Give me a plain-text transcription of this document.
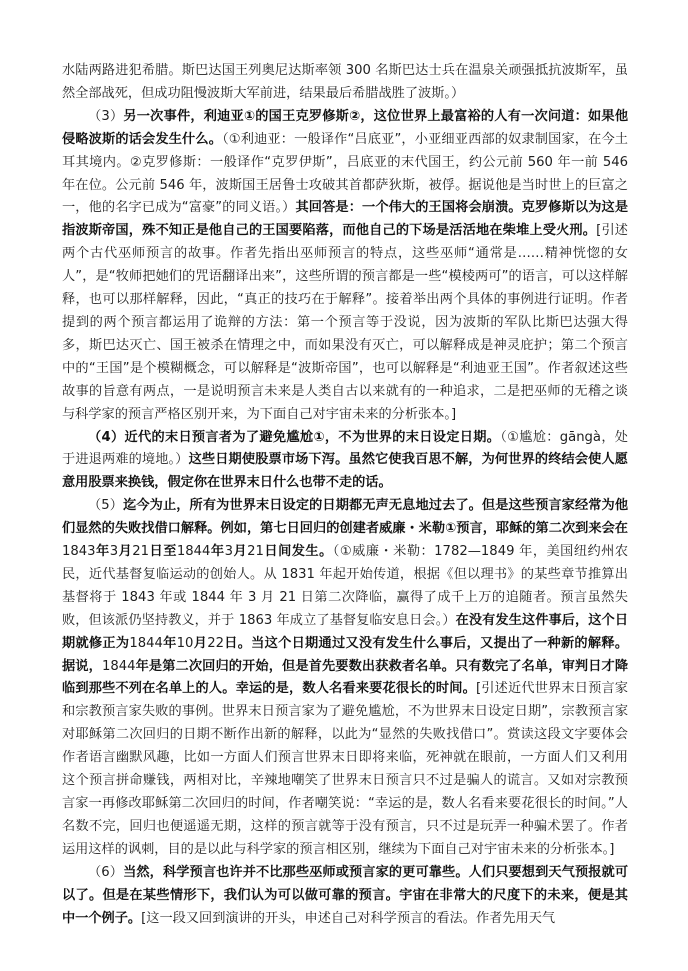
水陆两路进犯希腊。斯巴达国王列奥尼达斯率领 300 名斯巴达士兵在温泉关顽强抵抗波斯军，虽然全部战死，但成功阻慢波斯大军前进，结果最后希腊战胜了波斯。）

（3）另一次事件，利迪亚①的国王克罗修斯②，这位世界上最富裕的人有一次问道：如果他侵略波斯的话会发生什么。（①利迪亚：一般译作“吕底亚”，小亚细亚西部的奴隶制国家，在今土耳其境内。②克罗修斯：一般译作“克罗伊斯”，吕底亚的末代国王，约公元前 560 年一前 546 年在位。公元前 546 年，波斯国王居鲁士攻破其首都萨狄斯，被俘。据说他是当时世上的巨富之一，他的名字已成为“富豪”的同义语。）其回答是：一个伟大的王国将会崩溃。克罗修斯以为这是指波斯帝国，殊不知正是他自己的王国要陷落，而他自己的下场是活活地在柴堆上受火刑。[引述两个古代巫师预言的故事。作者先指出巫师预言的特点，这些巫师“通常是……精神恍惚的女人”，是“牧师把她们的咒语翻译出来”，这些所谓的预言都是一些“模棱两可”的语言，可以这样解释，也可以那样解释，因此，“真正的技巧在于解释”。接着举出两个具体的事例进行证明。作者提到的两个预言都运用了诡辩的方法：第一个预言等于没说，因为波斯的军队比斯巴达强大得多，斯巴达灭亡、国王被杀在情理之中，而如果没有灭亡，可以解释成是神灵庇护；第二个预言中的“王国”是个模糊概念，可以解释是“波斯帝国”，也可以解释是“利迪亚王国”。作者叙述这些故事的旨意有两点，一是说明预言未来是人类自古以来就有的一种追求，二是把巫师的无稽之谈与科学家的预言严格区别开来，为下面自己对宇宙未来的分析张本。]

（4）近代的末日预言者为了避免尴尬①，不为世界的末日设定日期。（①尴尬：gāngà，处于进退两难的境地。）这些日期使股票市场下泻。虽然它使我百思不解，为何世界的终结会使人愿意用股票来换钱，假定你在世界末日什么也带不走的话。

（5）迄今为止，所有为世界末日设定的日期都无声无息地过去了。但是这些预言家经常为他们显然的失败找借口解释。例如，第七日回归的创建者威廉・米勒①预言，耶稣的第二次到来会在1843年3月21日至1844年3月21日间发生。（①威廉・米勒：1782—1849 年，美国纽约州农民，近代基督复临运动的创始人。从 1831 年起开始传道，根据《但以理书》的某些章节推算出基督将于 1843 年或 1844 年 3 月 21 日第二次降临，赢得了成千上万的追随者。预言虽然失败，但该派仍坚持教义，并于 1863 年成立了基督复临安息日会。）在没有发生这件事后，这个日期就修正为1844年10月22日。当这个日期通过又没有发生什么事后，又提出了一种新的解释。据说，1844年是第二次回归的开始，但是首先要数出获救者名单。只有数完了名单，审判日才降临到那些不列在名单上的人。幸运的是，数人名看来要花很长的时间。[引述近代世界末日预言家和宗教预言家失败的事例。世界末日预言家为了避免尴尬，不为世界末日设定日期”，宗教预言家对耶稣第二次回归的日期不断作出新的解释，以此为“显然的失败找借口”。赏读这段文字要体会作者语言幽默风趣，比如一方面人们预言世界末日即将来临，死神就在眼前，一方面人们又利用这个预言拼命赚钱，两相对比，辛辣地嘲笑了世界末日预言只不过是骗人的谎言。又如对宗教预言家一再修改耶稣第二次回归的时间，作者嘲笑说：“幸运的是，数人名看来要花很长的时间。”人名数不完，回归也便遥遥无期，这样的预言就等于没有预言，只不过是玩弄一种骗术罢了。作者运用这样的讽刺，目的是以此与科学家的预言相区别，继续为下面自己对宇宙未来的分析张本。]

（6）当然，科学预言也许并不比那些巫师或预言家的更可靠些。人们只要想到天气预报就可以了。但是在某些情形下，我们认为可以做可靠的预言。宇宙在非常大的尺度下的未来，便是其中一个例子。[这一段又回到演讲的开头，申述自己对科学预言的看法。作者先用天气
